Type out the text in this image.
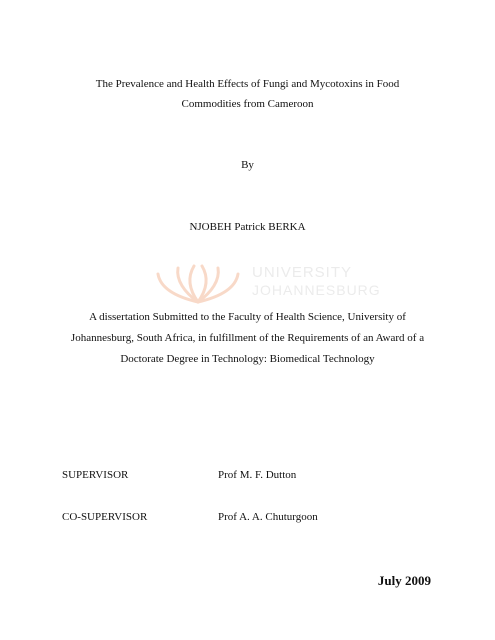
UNIVERSITY
JOHANNESBURG
The Prevalence and Health Effects of Fungi and Mycotoxins in Food
Commodities from Cameroon
By
NJOBEH Patrick BERKA
A dissertation Submitted to the Faculty of Health Science, University of
Johannesburg, South Africa, in fulfillment of the Requirements of an Award of a
Doctorate Degree in Technology: Biomedical Technology
SUPERVISOR	Prof M. F. Dutton
CO-SUPERVISOR	Prof A. A. Chuturgoon
July 2009
